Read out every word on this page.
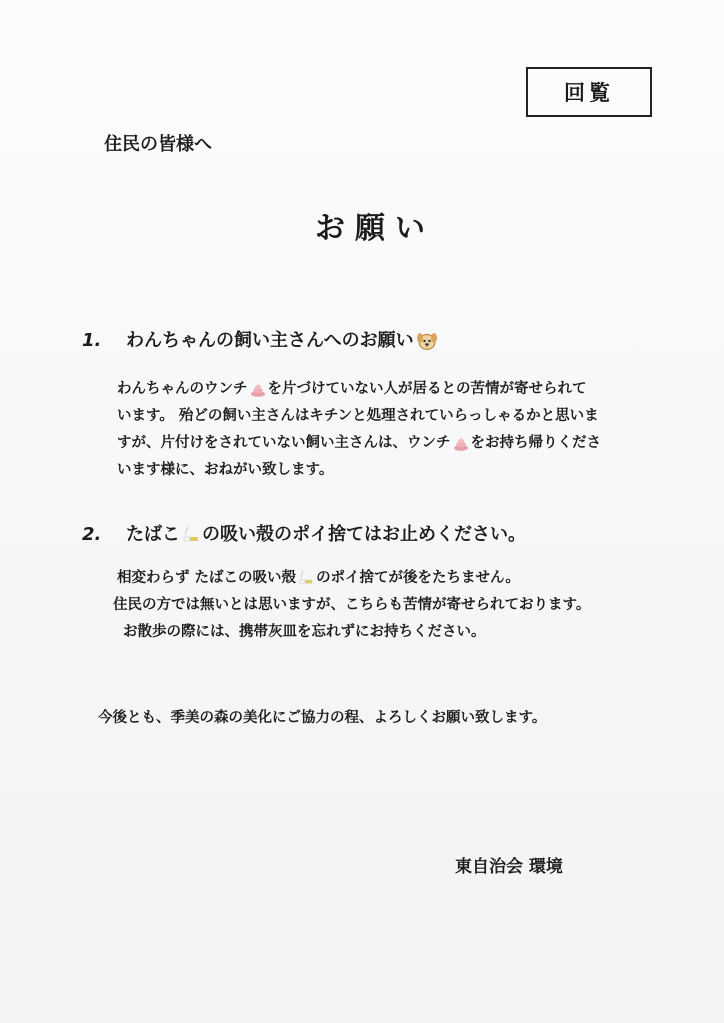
回覧
住民の皆様へ
お願い
1. わんちゃんの飼い主さんへのお願い
わんちゃんのウンチ を片づけていない人が居るとの苦情が寄せられて
います。 殆どの飼い主さんはキチンと処理されていらっしゃるかと思いま
すが、片付けをされていない飼い主さんは、ウンチ をお持ち帰りくださ
います様に、おねがい致します。
2. たばこ の吸い殻のポイ捨てはお止めください。
相変わらず たばこの吸い殻 のポイ捨てが後をたちません。
住民の方では無いとは思いますが、こちらも苦情が寄せられております。
お散歩の際には、携帯灰皿を忘れずにお持ちください。
今後とも、季美の森の美化にご協力の程、よろしくお願い致します。
東自治会 環境
